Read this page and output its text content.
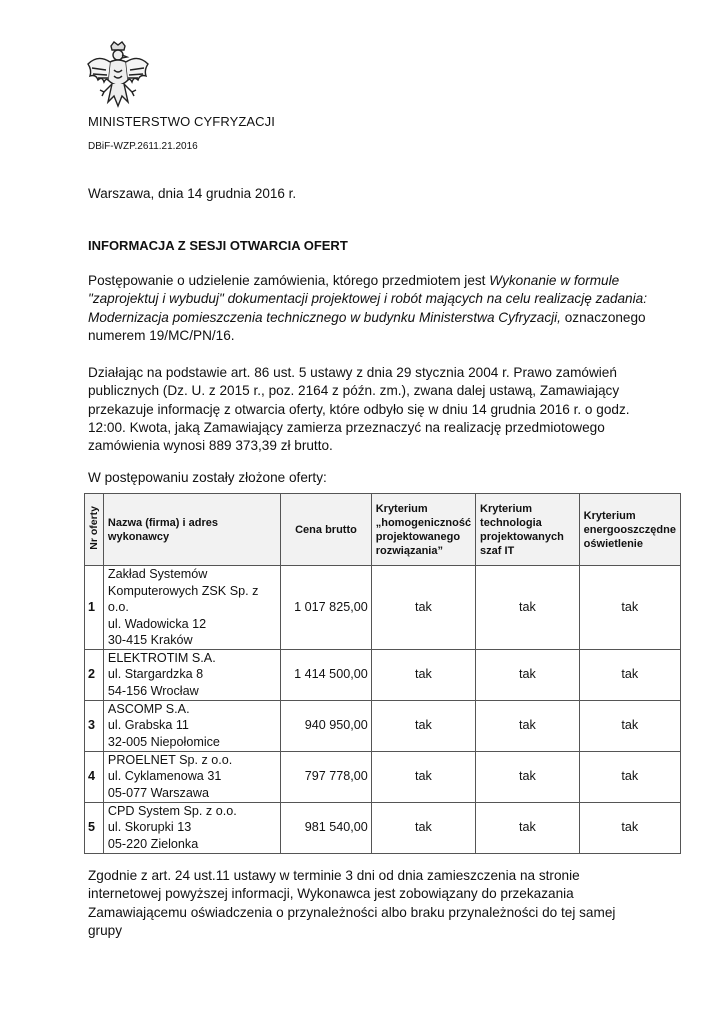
MINISTERSTWO CYFRYZACJI
DBiF-WZP.2611.21.2016
Warszawa, dnia 14 grudnia 2016 r.
INFORMACJA Z SESJI OTWARCIA OFERT

Postępowanie o udzielenie zamówienia, którego przedmiotem jest Wykonanie w formule "zaprojektuj i wybuduj" dokumentacji projektowej i robót mających na celu realizację zadania: Modernizacja pomieszczenia technicznego w budynku Ministerstwa Cyfryzacji, oznaczonego numerem 19/MC/PN/16.

Działając na podstawie art. 86 ust. 5 ustawy z dnia 29 stycznia 2004 r. Prawo zamówień publicznych (Dz. U. z 2015 r., poz. 2164 z późn. zm.), zwana dalej ustawą, Zamawiający przekazuje informację z otwarcia oferty, które odbyło się w dniu 14 grudnia 2016 r. o godz. 12:00. Kwota, jaką Zamawiający zamierza przeznaczyć na realizację przedmiotowego zamówienia wynosi 889 373,39 zł brutto.

W postępowaniu zostały złożone oferty:

Nr oferty	Nazwa (firma) i adres wykonawcy	Cena brutto	Kryterium „homogeniczność projektowanego rozwiązania”	Kryterium technologia projektowanych szaf IT	Kryterium energooszczędne oświetlenie
1	Zakład Systemów
Komputerowych ZSK Sp. z o.o.
ul. Wadowicka 12
30-415 Kraków	1 017 825,00	tak	tak	tak
2	ELEKTROTIM S.A.
ul. Stargardzka 8
54-156 Wrocław	1 414 500,00	tak	tak	tak
3	ASCOMP S.A.
ul. Grabska 11
32-005 Niepołomice	940 950,00	tak	tak	tak
4	PROELNET Sp. z o.o.
ul. Cyklamenowa 31
05-077 Warszawa	797 778,00	tak	tak	tak
5	CPD System Sp. z o.o.
ul. Skorupki 13
05-220 Zielonka	981 540,00	tak	tak	tak

Zgodnie z art. 24 ust.11 ustawy w terminie 3 dni od dnia zamieszczenia na stronie internetowej powyższej informacji, Wykonawca jest zobowiązany do przekazania Zamawiającemu oświadczenia o przynależności albo braku przynależności do tej samej grupy
